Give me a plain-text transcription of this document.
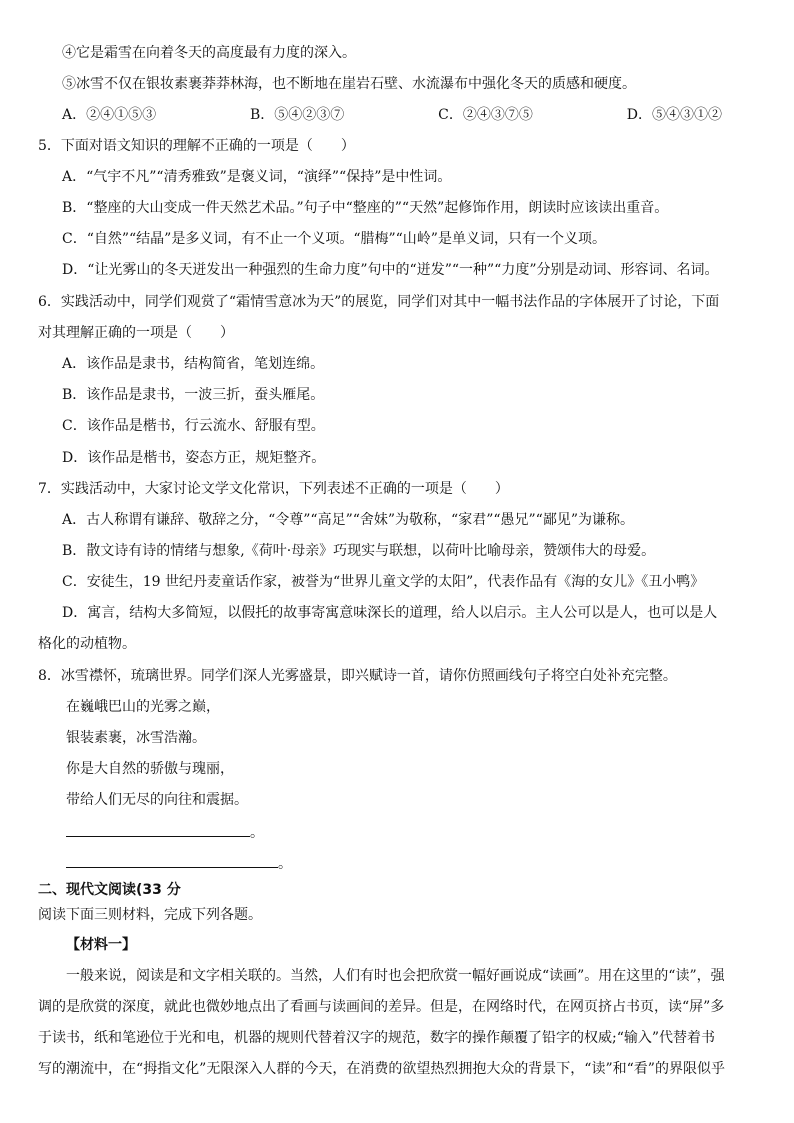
④它是霜雪在向着冬天的高度最有力度的深入。
⑤冰雪不仅在银妆素裹莽莽林海，也不断地在崖岩石壁、水流瀑布中强化冬天的质感和硬度。
A．②④①⑤③	B．⑤④②③⑦	C．②④③⑦⑤	D．⑤④③①②
5．下面对语文知识的理解不正确的一项是（　　）
A．“气宇不凡”“清秀雅致”是褒义词，“演绎”“保持”是中性词。
B．“整座的大山变成一件天然艺术品。”句子中“整座的”“天然”起修饰作用，朗读时应该读出重音。
C．“自然”“结晶”是多义词，有不止一个义项。“腊梅”“山岭”是单义词，只有一个义项。
D．“让光雾山的冬天迸发出一种强烈的生命力度”句中的“迸发”“一种”“力度”分别是动词、形容词、名词。
6．实践活动中，同学们观赏了“霜情雪意冰为天”的展览，同学们对其中一幅书法作品的字体展开了讨论，下面
对其理解正确的一项是（　　）
A．该作品是隶书，结构简省，笔划连绵。
B．该作品是隶书，一波三折，蚕头雁尾。
C．该作品是楷书，行云流水、舒服有型。
D．该作品是楷书，姿态方正，规矩整齐。
7．实践活动中，大家讨论文学文化常识，下列表述不正确的一项是（　　）
A．古人称谓有谦辞、敬辞之分，“令尊”“高足”“舍妹”为敬称，“家君”“愚兄”“鄙见”为谦称。
B．散文诗有诗的情绪与想象,《荷叶·母亲》巧现实与联想，以荷叶比喻母亲，赞颂伟大的母爱。
C．安徒生，19 世纪丹麦童话作家，被誉为“世界儿童文学的太阳”，代表作品有《海的女儿》《丑小鸭》
D．寓言，结构大多简短，以假托的故事寄寓意味深长的道理，给人以启示。主人公可以是人，也可以是人
格化的动植物。
8．冰雪襟怀，琉璃世界。同学们深人光雾盛景，即兴赋诗一首，请你仿照画线句子将空白处补充完整。
在巍峨巴山的光雾之巅，
银装素裹，冰雪浩瀚。
你是大自然的骄傲与瑰丽，
带给人们无尽的向往和震据。
。
。
二、现代文阅读(33 分
阅读下面三则材料，完成下列各题。
【材料一】
一般来说，阅读是和文字相关联的。当然，人们有时也会把欣赏一幅好画说成“读画”。用在这里的“读”，强
调的是欣赏的深度，就此也微妙地点出了看画与读画间的差异。但是，在网络时代，在网页挤占书页，读“屏”多
于读书，纸和笔逊位于光和电，机器的规则代替着汉字的规范，数字的操作颠覆了铅字的权威;“输入”代替着书
写的潮流中，在“拇指文化”无限深入人群的今天，在消费的欲望热烈拥抱大众的背景下，“读”和“看”的界限似乎
